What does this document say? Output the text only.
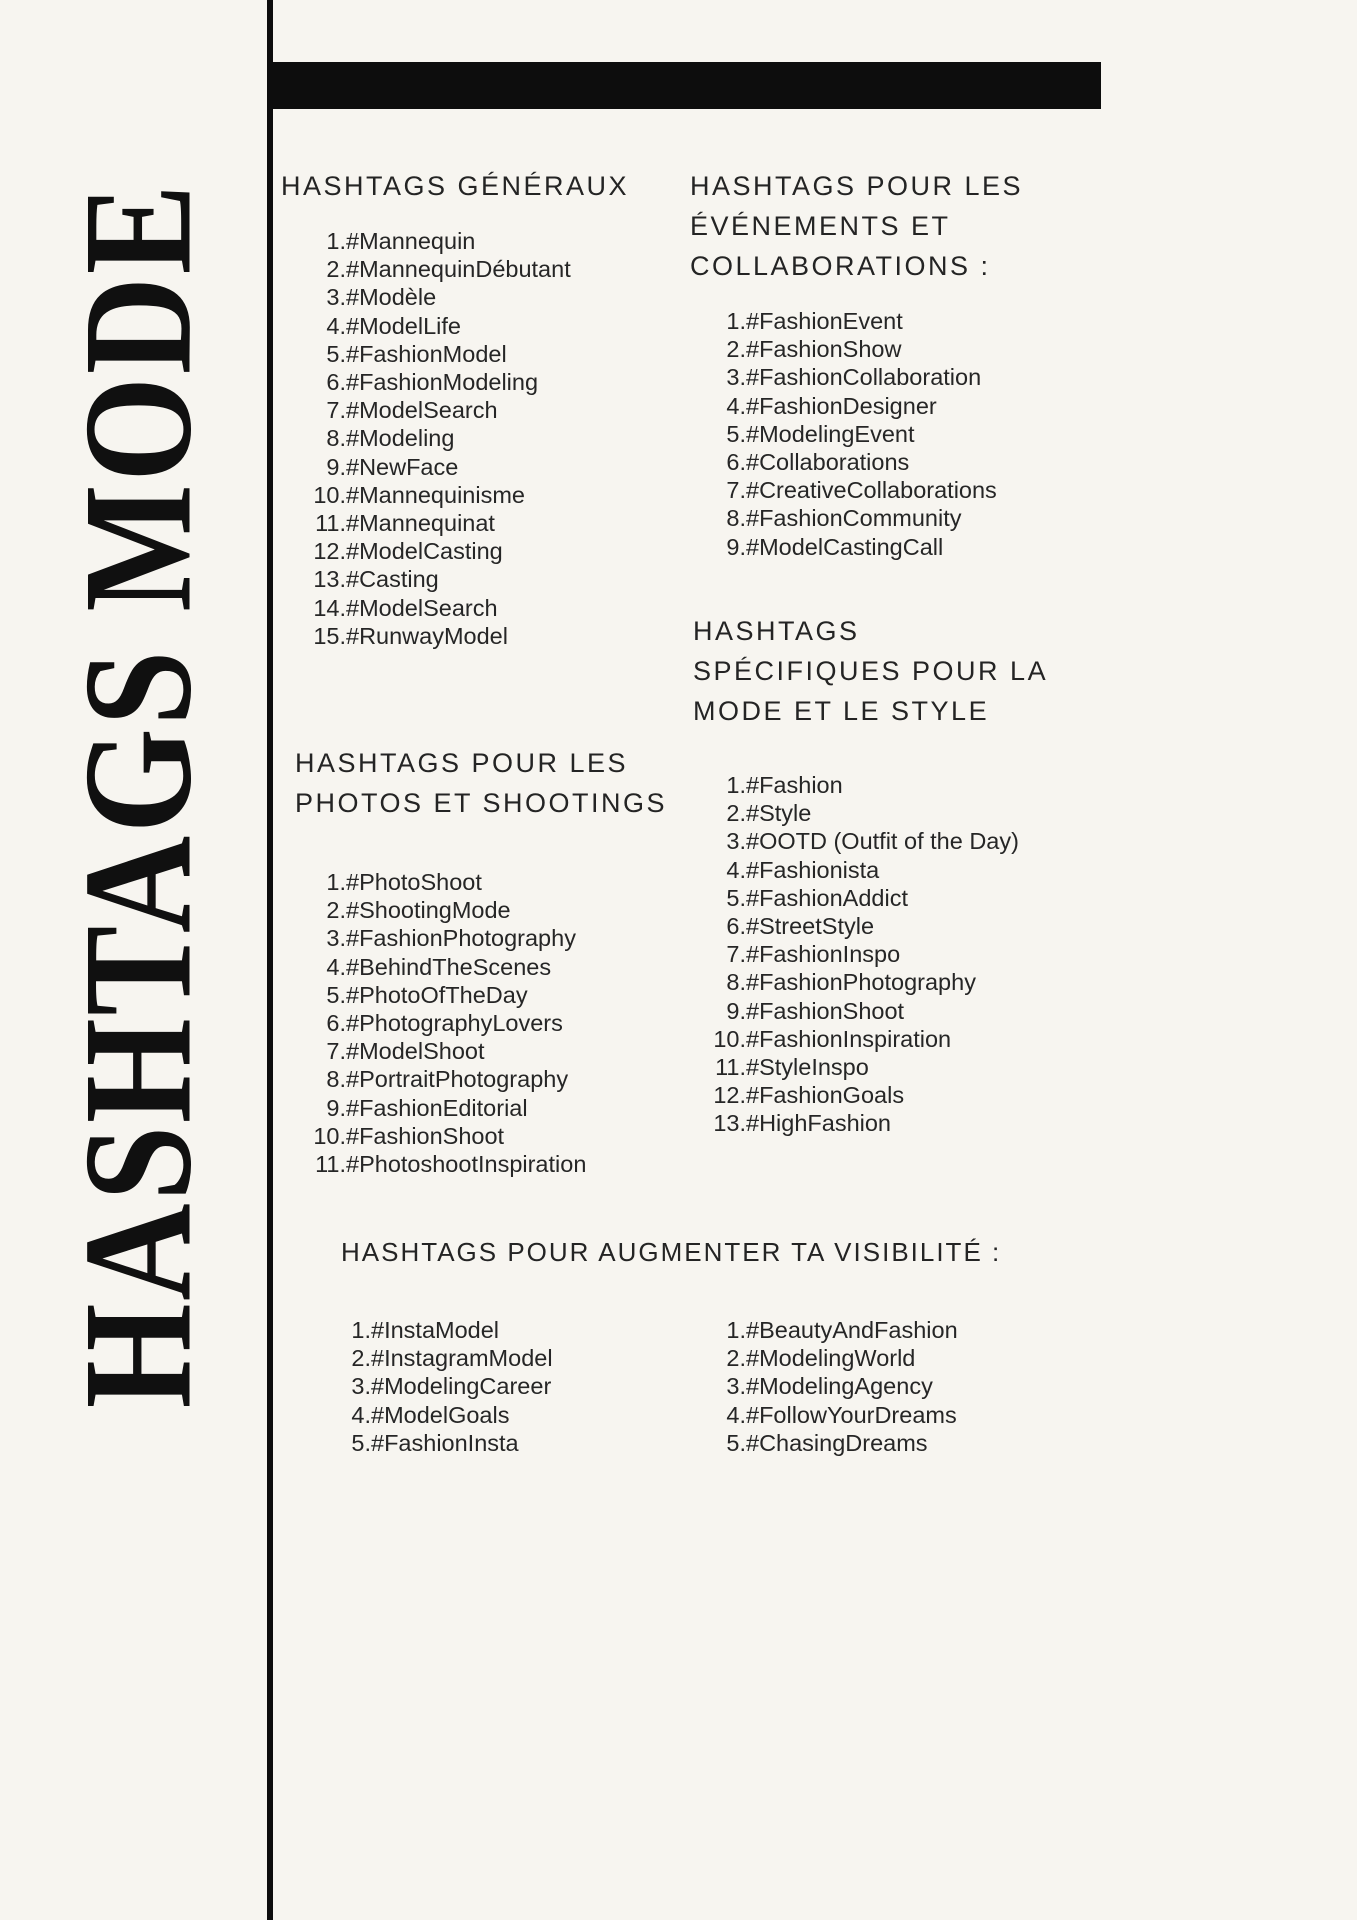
HASHTAGS MODE HASHTAGS GÉNÉRAUX
#Mannequin
#MannequinDébutant
#Modèle
#ModelLife
#FashionModel
#FashionModeling
#ModelSearch
#Modeling
#NewFace
#Mannequinisme
#Mannequinat
#ModelCasting
#Casting
#ModelSearch
#RunwayModel
HASHTAGS POUR LES
ÉVÉNEMENTS ET
COLLABORATIONS :
#FashionEvent
#FashionShow
#FashionCollaboration
#FashionDesigner
#ModelingEvent
#Collaborations
#CreativeCollaborations
#FashionCommunity
#ModelCastingCall
HASHTAGS POUR LES
PHOTOS ET SHOOTINGS
#PhotoShoot
#ShootingMode
#FashionPhotography
#BehindTheScenes
#PhotoOfTheDay
#PhotographyLovers
#ModelShoot
#PortraitPhotography
#FashionEditorial
#FashionShoot
#PhotoshootInspiration
HASHTAGS
SPÉCIFIQUES POUR LA
MODE ET LE STYLE
#Fashion
#Style
#OOTD (Outfit of the Day)
#Fashionista
#FashionAddict
#StreetStyle
#FashionInspo
#FashionPhotography
#FashionShoot
#FashionInspiration
#StyleInspo
#FashionGoals
#HighFashion
HASHTAGS POUR AUGMENTER TA VISIBILITÉ :
#InstaModel
#InstagramModel
#ModelingCareer
#ModelGoals
#FashionInsta
#BeautyAndFashion
#ModelingWorld
#ModelingAgency
#FollowYourDreams
#ChasingDreams
